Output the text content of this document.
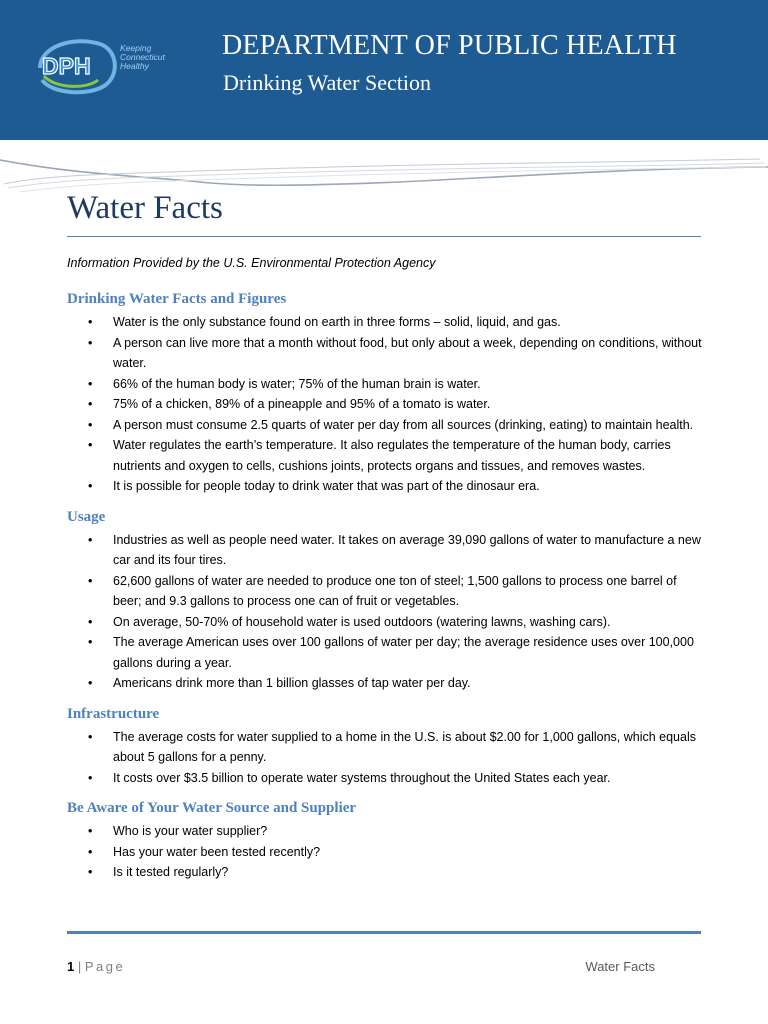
DPH
Keeping
Connecticut
Healthy
DEPARTMENT OF PUBLIC HEALTH
Drinking Water Section
Water Facts
Information Provided by the U.S. Environmental Protection Agency
Drinking Water Facts and Figures
• Water is the only substance found on earth in three forms – solid, liquid, and gas.
• A person can live more that a month without food, but only about a week, depending on conditions, without water.
• 66% of the human body is water; 75% of the human brain is water.
• 75% of a chicken, 89% of a pineapple and 95% of a tomato is water.
• A person must consume 2.5 quarts of water per day from all sources (drinking, eating) to maintain health.
• Water regulates the earth’s temperature. It also regulates the temperature of the human body, carries nutrients and oxygen to cells, cushions joints, protects organs and tissues, and removes wastes.
• It is possible for people today to drink water that was part of the dinosaur era.
Usage
• Industries as well as people need water. It takes on average 39,090 gallons of water to manufacture a new car and its four tires.
• 62,600 gallons of water are needed to produce one ton of steel; 1,500 gallons to process one barrel of beer; and 9.3 gallons to process one can of fruit or vegetables.
• On average, 50-70% of household water is used outdoors (watering lawns, washing cars).
• The average American uses over 100 gallons of water per day; the average residence uses over 100,000 gallons during a year.
• Americans drink more than 1 billion glasses of tap water per day.
Infrastructure
• The average costs for water supplied to a home in the U.S. is about $2.00 for 1,000 gallons, which equals about 5 gallons for a penny.
• It costs over $3.5 billion to operate water systems throughout the United States each year.
Be Aware of Your Water Source and Supplier
• Who is your water supplier?
• Has your water been tested recently?
• Is it tested regularly?
1 | Page	Water Facts
